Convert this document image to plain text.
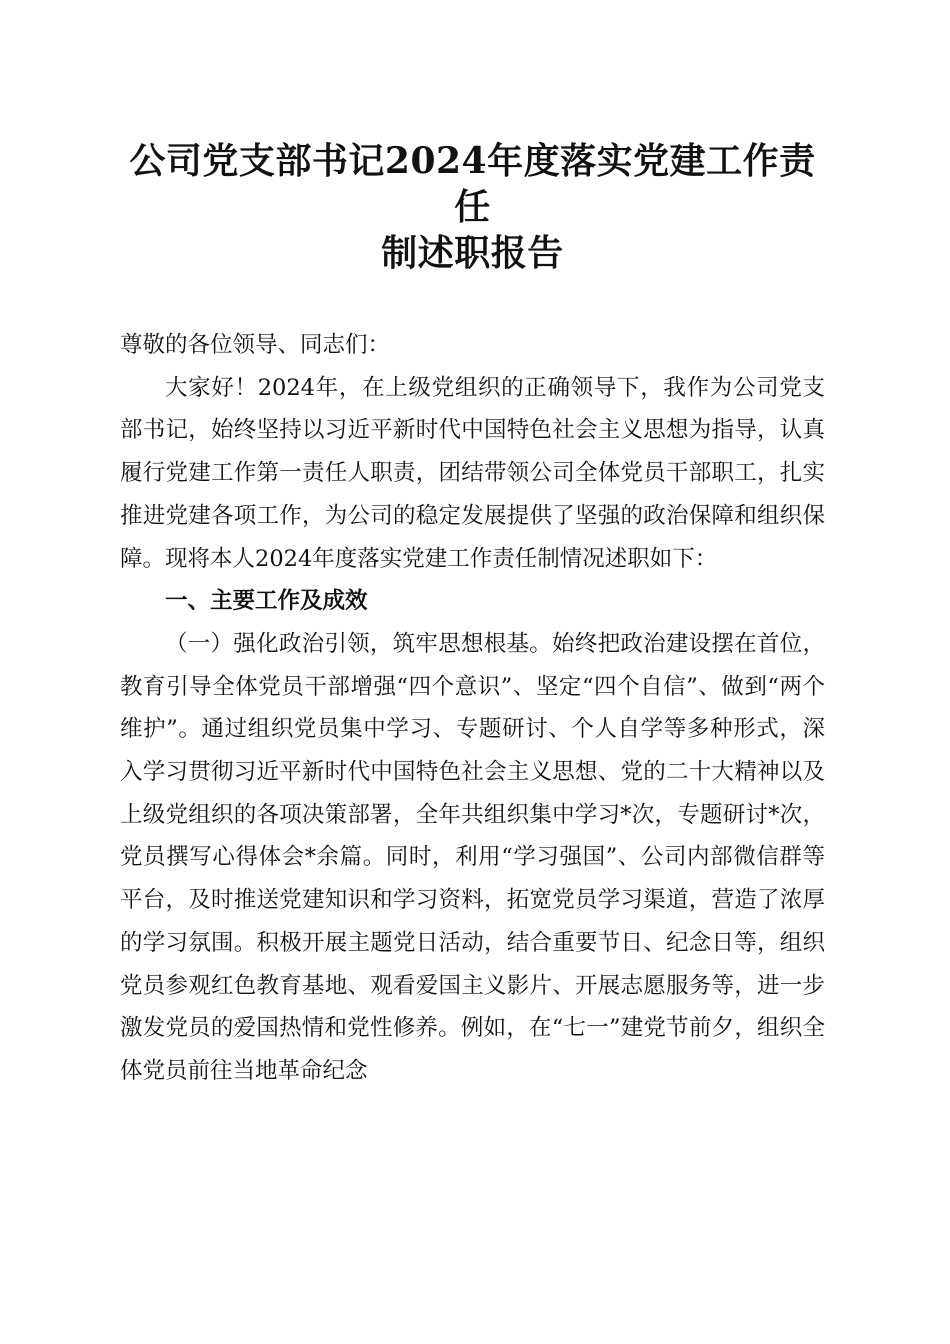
公司党支部书记2024年度落实党建工作责任
制述职报告

尊敬的各位领导、同志们：

大家好！2024年，在上级党组织的正确领导下，我作为公司党支部书记，始终坚持以习近平新时代中国特色社会主义思想为指导，认真履行党建工作第一责任人职责，团结带领公司全体党员干部职工，扎实推进党建各项工作，为公司的稳定发展提供了坚强的政治保障和组织保障。现将本人2024年度落实党建工作责任制情况述职如下：

一、主要工作及成效

（一）强化政治引领，筑牢思想根基。始终把政治建设摆在首位，教育引导全体党员干部增强“四个意识”、坚定“四个自信”、做到“两个维护”。通过组织党员集中学习、专题研讨、个人自学等多种形式，深入学习贯彻习近平新时代中国特色社会主义思想、党的二十大精神以及上级党组织的各项决策部署，全年共组织集中学习*次，专题研讨*次，党员撰写心得体会*余篇。同时，利用“学习强国”、公司内部微信群等平台，及时推送党建知识和学习资料，拓宽党员学习渠道，营造了浓厚的学习氛围。积极开展主题党日活动，结合重要节日、纪念日等，组织党员参观红色教育基地、观看爱国主义影片、开展志愿服务等，进一步激发党员的爱国热情和党性修养。例如，在“七一”建党节前夕，组织全体党员前往当地革命纪念
